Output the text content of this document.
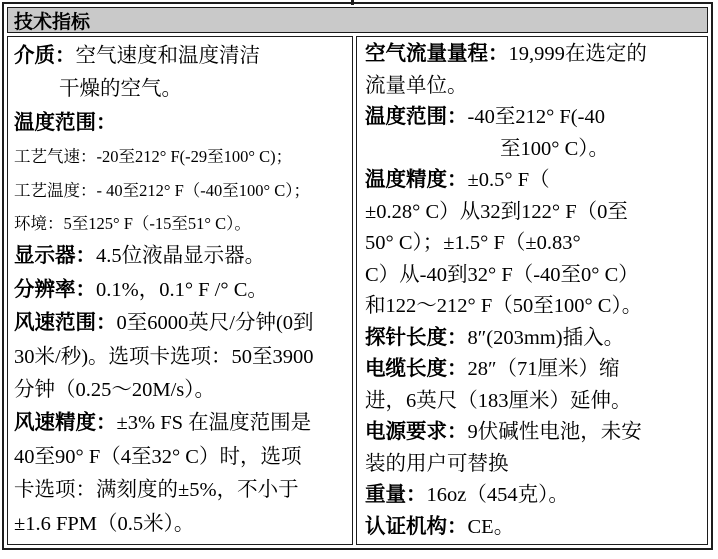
技术指标
介质：空气速度和温度清洁
干燥的空气。
温度范围：
工艺气速：-20至212° F(-29至100° C)；
工艺温度：- 40至212° F（-40至100° C）；
环境：5至125° F（-15至51° C）。
显示器：4.5位液晶显示器。
分辨率：0.1%，0.1° F /° C。
风速范围：0至6000英尺/分钟(0到
30米/秒)。选项卡选项：50至3900
分钟（0.25～20M/s）。
风速精度：±3% FS 在温度范围是
40至90° F（4至32° C）时，选项
卡选项：满刻度的±5%，不小于
±1.6 FPM（0.5米）。
空气流量量程：19,999在选定的
流量单位。
温度范围：-40至212° F(-40
至100° C）。
温度精度：±0.5° F（
±0.28° C）从32到122° F（0至
50° C）；±1.5° F（±0.83°
C）从-40到32° F（-40至0° C）
和122～212° F（50至100° C）。
探针长度：8″(203mm)插入。
电缆长度：28″（71厘米）缩
进，6英尺（183厘米）延伸。
电源要求：9伏碱性电池，未安
装的用户可替换
重量：16oz（454克）。
认证机构：CE。
